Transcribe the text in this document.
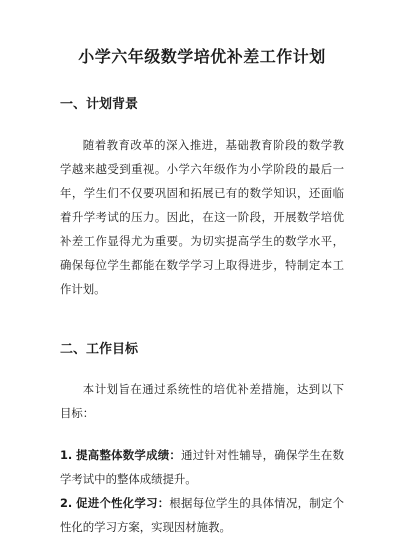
小学六年级数学培优补差工作计划
一、计划背景

随着教育改革的深入推进，基础教育阶段的数学教学越来越受到重视。小学六年级作为小学阶段的最后一年，学生们不仅要巩固和拓展已有的数学知识，还面临着升学考试的压力。因此，在这一阶段，开展数学培优补差工作显得尤为重要。为切实提高学生的数学水平，确保每位学生都能在数学学习上取得进步，特制定本工作计划。

二、工作目标

本计划旨在通过系统性的培优补差措施，达到以下目标：

1. 提高整体数学成绩：通过针对性辅导，确保学生在数学考试中的整体成绩提升。

2. 促进个性化学习：根据每位学生的具体情况，制定个性化的学习方案，实现因材施教。
